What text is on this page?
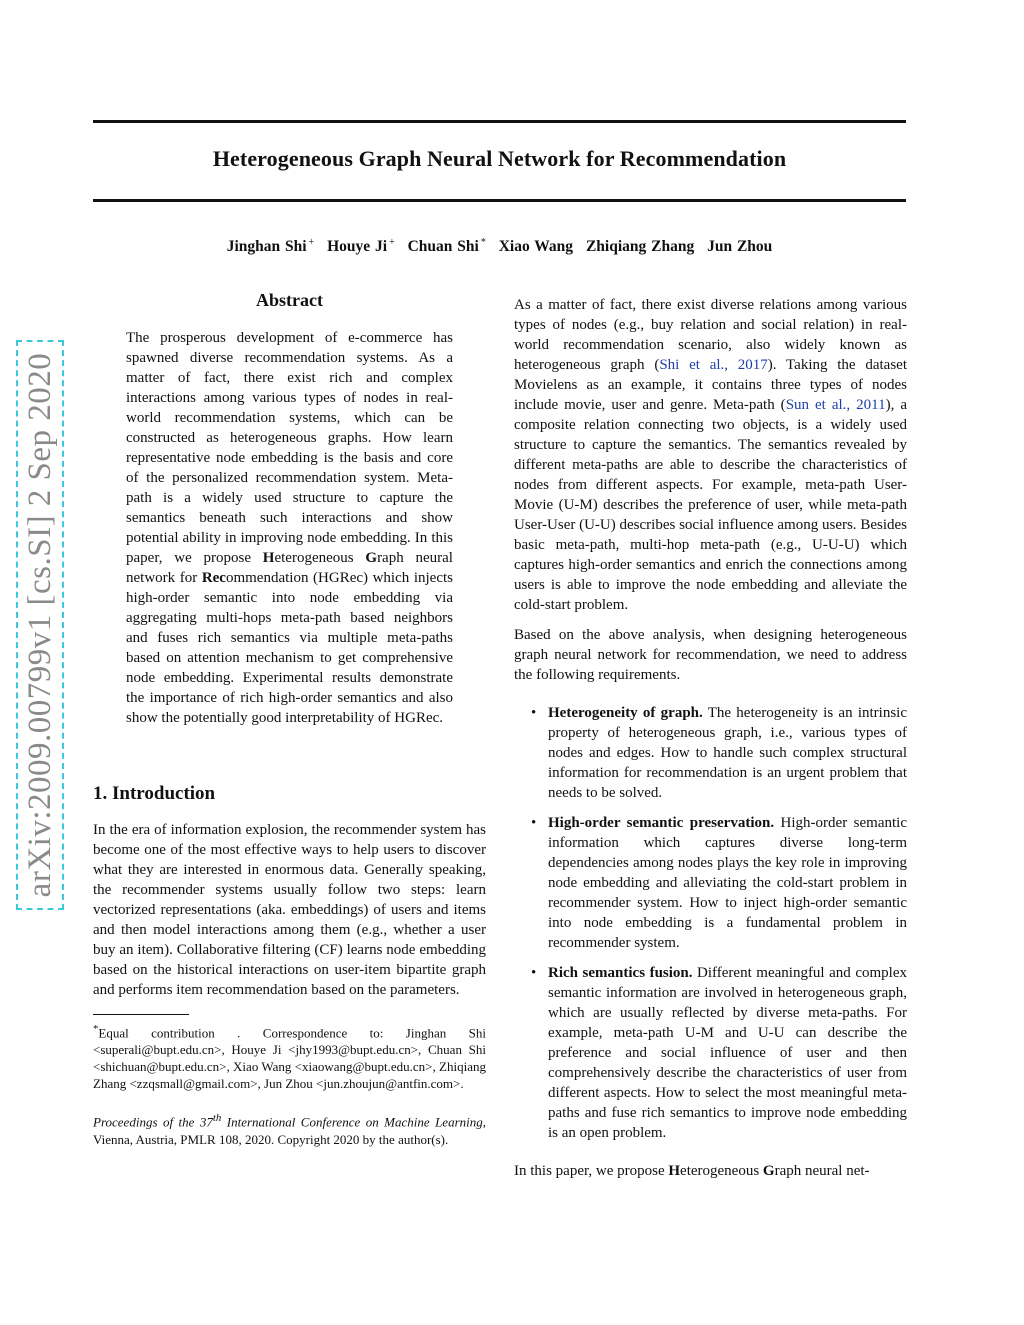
Heterogeneous Graph Neural Network for Recommendation
Jinghan Shi + Houye Ji + Chuan Shi * Xiao Wang Zhiqiang Zhang Jun Zhou
arXiv:2009.00799v1 [cs.SI] 2 Sep 2020
Abstract
The prosperous development of e-commerce has spawned diverse recommendation systems. As a matter of fact, there exist rich and complex interactions among various types of nodes in real-world recommendation systems, which can be constructed as heterogeneous graphs. How learn representative node embedding is the basis and core of the personalized recommendation system. Meta-path is a widely used structure to capture the semantics beneath such interactions and show potential ability in improving node embedding. In this paper, we propose Heterogeneous Graph neural network for Recommendation (HGRec) which injects high-order semantic into node embedding via aggregating multi-hops meta-path based neighbors and fuses rich semantics via multiple meta-paths based on attention mechanism to get comprehensive node embedding. Experimental results demonstrate the importance of rich high-order semantics and also show the potentially good interpretability of HGRec.
1. Introduction

In the era of information explosion, the recommender system has become one of the most effective ways to help users to discover what they are interested in enormous data. Generally speaking, the recommender systems usually follow two steps: learn vectorized representations (aka. embeddings) of users and items and then model interactions among them (e.g., whether a user buy an item). Collaborative filtering (CF) learns node embedding based on the historical interactions on user-item bipartite graph and performs item recommendation based on the parameters.

*Equal contribution . Correspondence to: Jinghan Shi <superali@bupt.edu.cn>, Houye Ji <jhy1993@bupt.edu.cn>, Chuan Shi <shichuan@bupt.edu.cn>, Xiao Wang <xiaowang@bupt.edu.cn>, Zhiqiang Zhang <zzqsmall@gmail.com>, Jun Zhou <jun.zhoujun@antfin.com>.
Proceedings of the 37th International Conference on Machine Learning, Vienna, Austria, PMLR 108, 2020. Copyright 2020 by the author(s).

As a matter of fact, there exist diverse relations among various types of nodes (e.g., buy relation and social relation) in real-world recommendation scenario, also widely known as heterogeneous graph (Shi et al., 2017). Taking the dataset Movielens as an example, it contains three types of nodes include movie, user and genre. Meta-path (Sun et al., 2011), a composite relation connecting two objects, is a widely used structure to capture the semantics. The semantics revealed by different meta-paths are able to describe the characteristics of nodes from different aspects. For example, meta-path User-Movie (U-M) describes the preference of user, while meta-path User-User (U-U) describes social influence among users. Besides basic meta-path, multi-hop meta-path (e.g., U-U-U) which captures high-order semantics and enrich the connections among users is able to improve the node embedding and alleviate the cold-start problem.

Based on the above analysis, when designing heterogeneous graph neural network for recommendation, we need to address the following requirements.

• Heterogeneity of graph. The heterogeneity is an intrinsic property of heterogeneous graph, i.e., various types of nodes and edges. How to handle such complex structural information for recommendation is an urgent problem that needs to be solved.
• High-order semantic preservation. High-order semantic information which captures diverse long-term dependencies among nodes plays the key role in improving node embedding and alleviating the cold-start problem in recommender system. How to inject high-order semantic into node embedding is a fundamental problem in recommender system.
• Rich semantics fusion. Different meaningful and complex semantic information are involved in heterogeneous graph, which are usually reflected by diverse meta-paths. For example, meta-path U-M and U-U can describe the preference and social influence of user and then comprehensively describe the characteristics of user from different aspects. How to select the most meaningful meta-paths and fuse rich semantics to improve node embedding is an open problem.

In this paper, we propose Heterogeneous Graph neural net-
